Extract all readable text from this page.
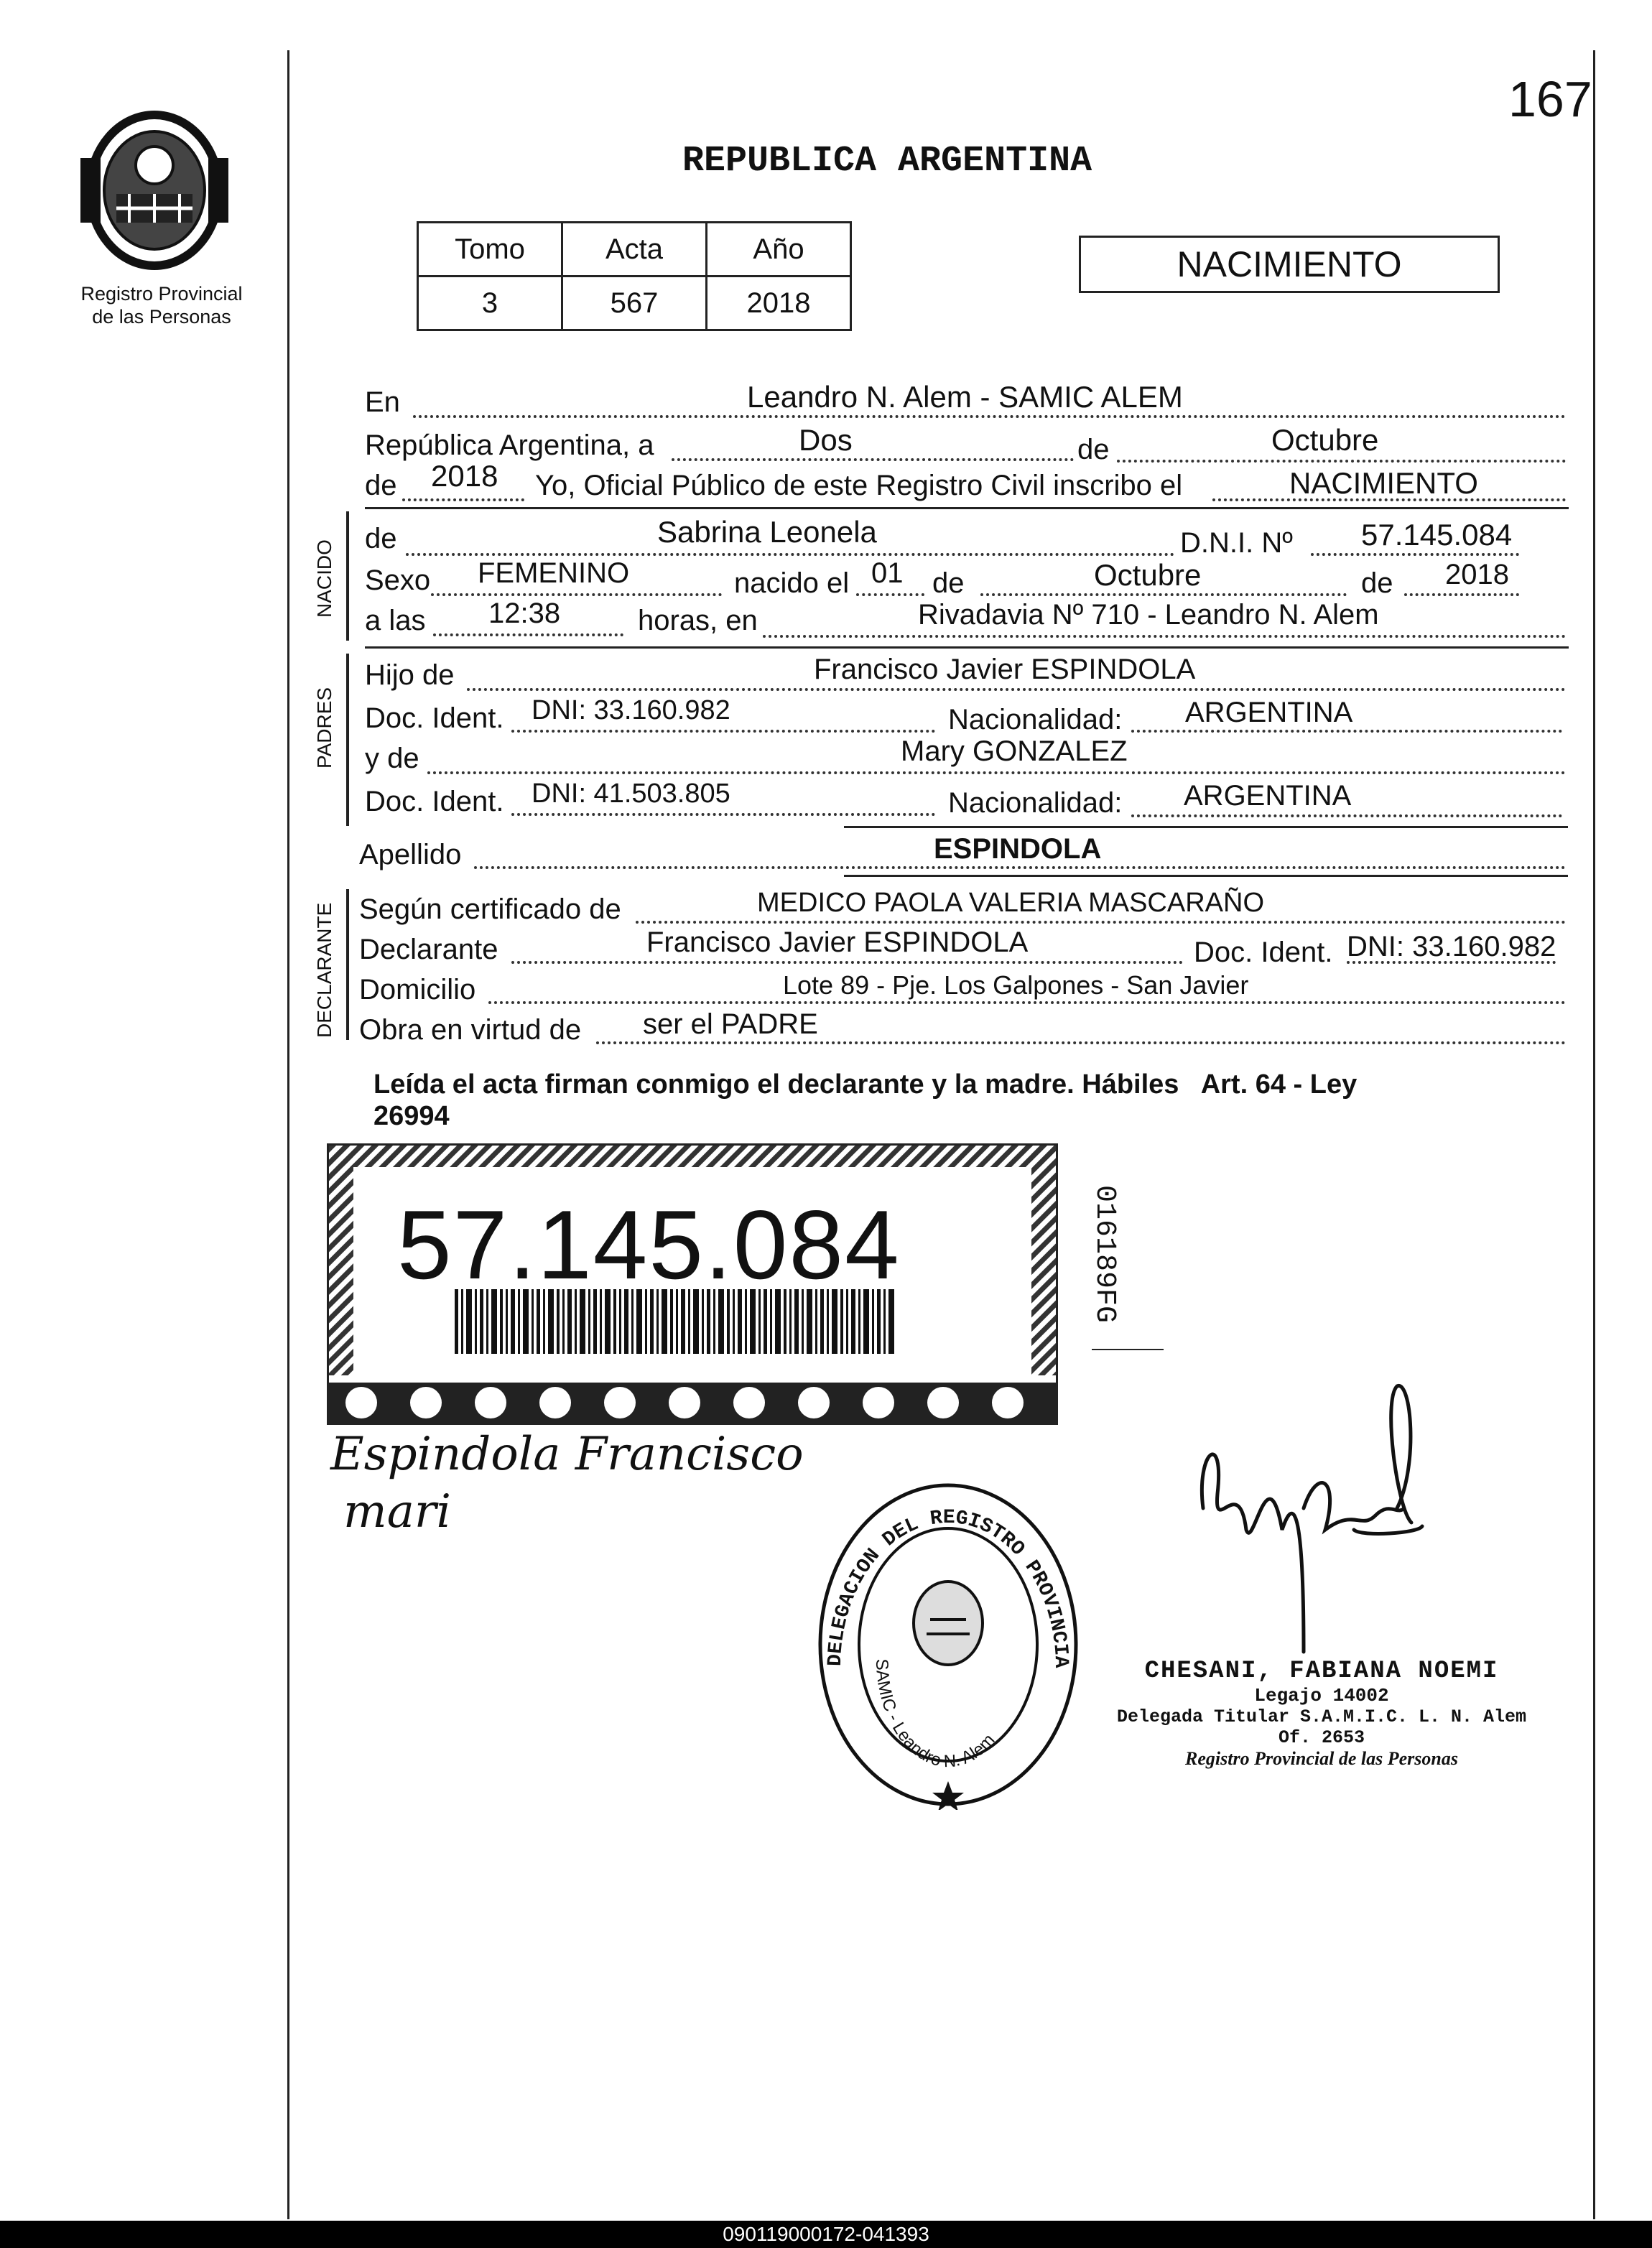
167
Registro Provincial
de las Personas
REPUBLICA ARGENTINA
Tomo	Acta	Año
3	567	2018
NACIMIENTO
En	Leandro N. Alem - SAMIC ALEM
República Argentina, a	Dos	de	Octubre
de 2018 Yo, Oficial Público de este Registro Civil inscribo el	NACIMIENTO
NACIDO
de	Sabrina Leonela	D.N.I. Nº 57.145.084
Sexo FEMENINO	nacido el 01 de	Octubre	de 2018
a las 12:38	horas, en	Rivadavia Nº 710 - Leandro N. Alem
PADRES
Hijo de	Francisco Javier ESPINDOLA
Doc. Ident. DNI: 33.160.982	Nacionalidad: ARGENTINA
y de	Mary GONZALEZ
Doc. Ident. DNI: 41.503.805	Nacionalidad: ARGENTINA
Apellido	ESPINDOLA
DECLARANTE Según certificado de	MEDICO PAOLA VALERIA MASCARAÑO
Declarante	Francisco Javier ESPINDOLA	Doc. Ident. DNI: 33.160.982
Domicilio	Lote 89 - Pje. Los Galpones - San Javier
Obra en virtud de ser el PADRE
Leída el acta firman conmigo el declarante y la madre. Hábiles   Art. 64 - Ley
26994
57.145.084	016189FG
Espindola Francisco
mari
DELEGACION DEL REGISTRO PROVINCIA
SAMIC - Leandro N. Alem
CHESANI, FABIANA NOEMI
Legajo 14002
Delegada Titular S.A.M.I.C. L. N. Alem Of. 2653
Registro Provincial de las Personas
090119000172-041393
